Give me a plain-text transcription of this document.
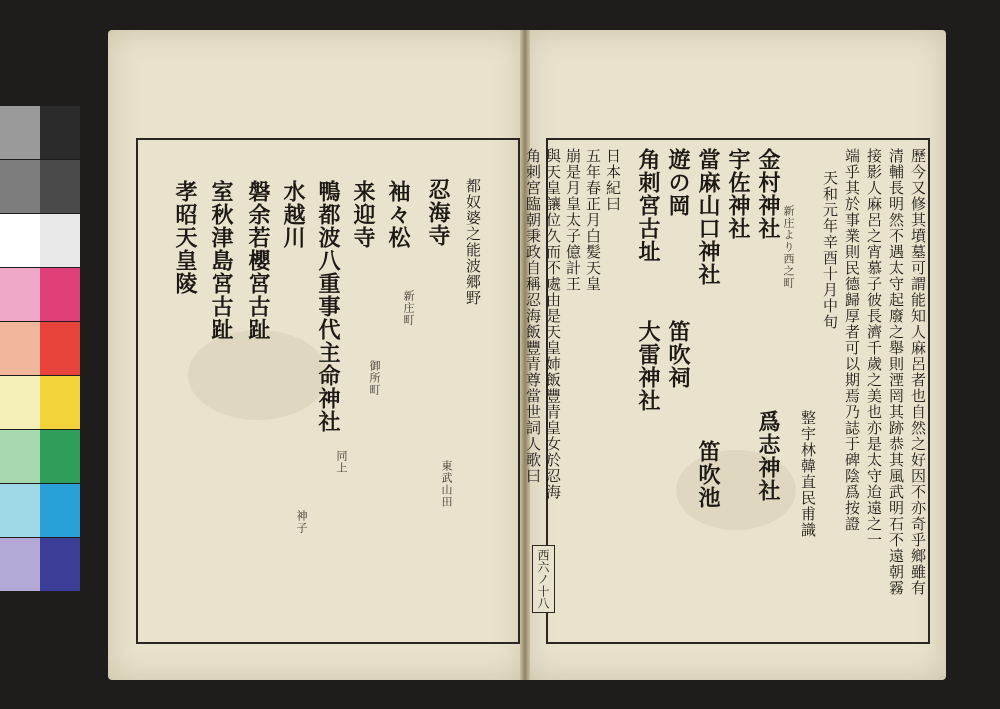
都奴婆之能波郷野
忍海寺
袖々松
来迎寺
鴨都波八重事代主命神社
水越川
磐余若櫻宮古趾
室秋津島宮古趾
孝昭天皇陵
新庄町
御所町
同上
神子
東武山田	歷今又修其墳墓可謂能知人麻呂者也自然之好因不亦奇乎鄉雖有
清輔長明然不遇太守起廢之舉則湮罔其跡恭其風武明石不遠朝霧
接影人麻呂之宵慕子彼長濟千歲之美也亦是太守迨遠之一
端乎其於事業則民德歸厚者可以期焉乃誌于碑陰爲按證
天和元年辛酉十月中旬
整宇林韓直民甫識
金村神社
宇佐神社
當麻山口神社
遊の岡
角刺宮古址
爲志神社
笛吹祠
大雷神社
笛吹池
新庄より西之町
日本紀曰
五年春正月白髪天皇
崩是月皇太子億計王
與天皇讓位久而不處由是天皇姉飯豐青皇女於忍海
角刺宮臨朝秉政自稱忍海飯豐青尊當世詞人歌曰
西六ノ十八
